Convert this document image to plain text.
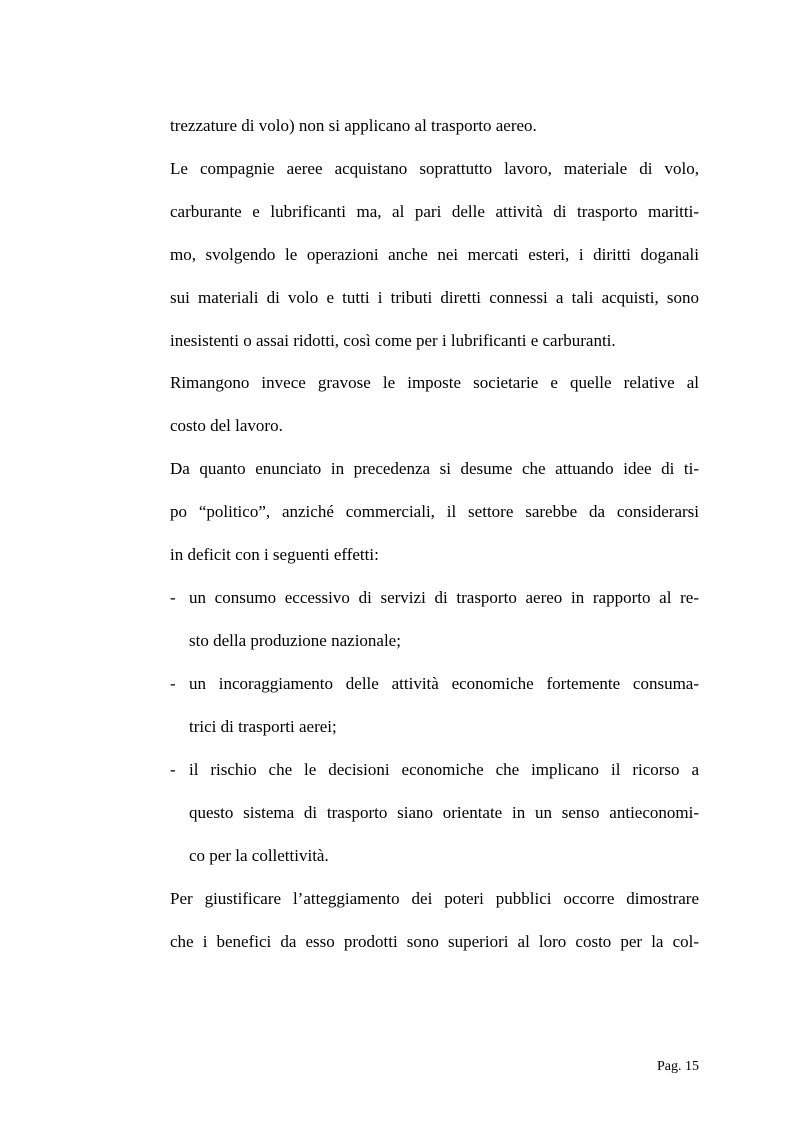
trezzature di volo) non si applicano al trasporto aereo.
Le compagnie aeree acquistano soprattutto lavoro, materiale di volo,
carburante e lubrificanti ma, al pari delle attività di trasporto maritti-
mo, svolgendo le operazioni anche nei mercati esteri, i diritti doganali
sui materiali di volo e tutti i tributi diretti connessi a tali acquisti, sono
inesistenti o assai ridotti, così come per i lubrificanti e carburanti.
Rimangono invece gravose le imposte societarie e quelle relative al
costo del lavoro.
Da quanto enunciato in precedenza si desume che attuando idee di ti-
po “politico”, anziché commerciali, il settore sarebbe da considerarsi
in deficit con i seguenti effetti:
- un consumo eccessivo di servizi di trasporto aereo in rapporto al re-
sto della produzione nazionale;
- un incoraggiamento delle attività economiche fortemente consuma-
trici di trasporti aerei;
- il rischio che le decisioni economiche che implicano il ricorso a
questo sistema di trasporto siano orientate in un senso antieconomi-
co per la collettività.
Per giustificare l’atteggiamento dei poteri pubblici occorre dimostrare
che i benefici da esso prodotti sono superiori al loro costo per la col-
Pag. 15
